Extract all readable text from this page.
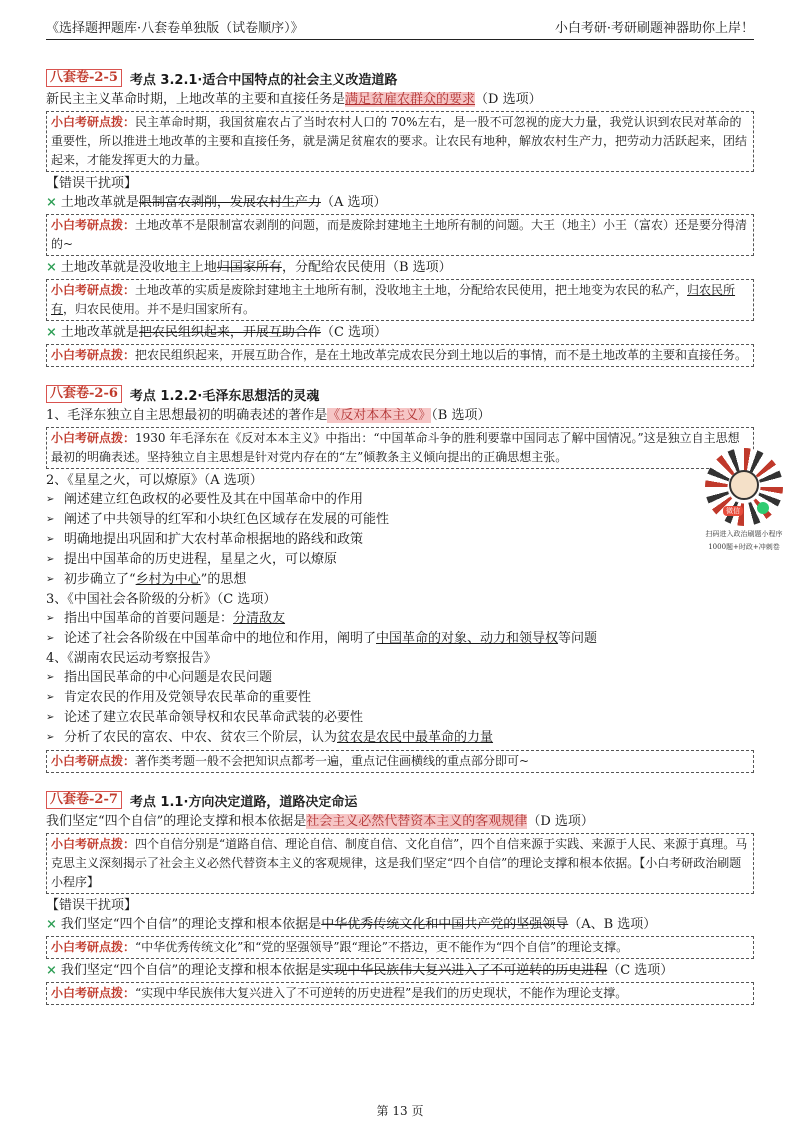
《选择题押题库·八套卷单独版（试卷顺序）》	小白考研·考研刷题神器助你上岸！
八套卷-2-5 考点 3.2.1·适合中国特点的社会主义改造道路
新民主主义革命时期，上地改革的主要和直接任务是满足贫雇农群众的要求（D 选项）
小白考研点拨：民主革命时期，我国贫雇农占了当时农村人口的 70%左右，是一股不可忽视的庞大力量，我党认识到农民对革命的重要性，所以推进土地改革的主要和直接任务，就是满足贫雇农的要求。让农民有地种，解放农村生产力，把劳动力活跃起来，团结起来，才能发挥更大的力量。
【错误干扰项】
× 土地改革就是限制富农剥削，发展农村生产力（A 选项）
小白考研点拨：土地改革不是限制富农剥削的问题，而是废除封建地主土地所有制的问题。大王（地主）小王（富农）还是要分得清的~
× 土地改革就是没收地主上地归国家所有，分配给农民使用（B 选项）
小白考研点拨：土地改革的实质是废除封建地主土地所有制，没收地主土地，分配给农民使用，把土地变为农民的私产，归农民所有，归农民使用。并不是归国家所有。
× 土地改革就是把农民组织起来，开展互助合作（C 选项）
小白考研点拨：把农民组织起来，开展互助合作，是在土地改革完成农民分到土地以后的事情，而不是土地改革的主要和直接任务。
八套卷-2-6 考点 1.2.2·毛泽东思想活的灵魂
1、毛泽东独立自主思想最初的明确表述的著作是《反对本本主义》（B 选项）
小白考研点拨：1930 年毛泽东在《反对本本主义》中指出：“中国革命斗争的胜利要靠中国同志了解中国情况。”这是独立自主思想最初的明确表述。坚持独立自主思想是针对党内存在的“左”倾教条主义倾向提出的正确思想主张。
2、《星星之火，可以燎原》（A 选项）
➢ 阐述建立红色政权的必要性及其在中国革命中的作用
➢ 阐述了中共领导的红军和小块红色区域存在发展的可能性
➢ 明确地提出巩固和扩大农村革命根据地的路线和政策
➢ 提出中国革命的历史进程，星星之火，可以燎原
➢ 初步确立了“ 乡村为中心 ”的思想
3、《中国社会各阶级的分析》（C 选项）
➢ 指出中国革命的首要问题是： 分清敌友
➢ 论述了社会各阶级在中国革命中的地位和作用，阐明了 中国革命的对象、动力和领导权 等问题
4、《湖南农民运动考察报告》
➢ 指出国民革命的中心问题是农民问题
➢ 肯定农民的作用及党领导农民革命的重要性
➢ 论述了建立农民革命领导权和农民革命武装的必要性
➢ 分析了农民的富农、中农、贫农三个阶层，认为 贫农是农民中最革命的力量
小白考研点拨：著作类考题一般不会把知识点都考一遍，重点记住画横线的重点部分即可~
八套卷-2-7 考点 1.1·方向决定道路，道路决定命运
我们坚定“四个自信”的理论支撑和根本依据是社会主义必然代替资本主义的客观规律（D 选项）
小白考研点拨：四个自信分别是“道路自信、理论自信、制度自信、文化自信”，四个自信来源于实践、来源于人民、来源于真理。马克思主义深刻揭示了社会主义必然代替资本主义的客观规律，这是我们坚定“四个自信”的理论支撑和根本依据。【小白考研政治刷题小程序】
【错误干扰项】
× 我们坚定“四个自信”的理论支撑和根本依据是中华优秀传统文化和中国共产党的坚强领导（A、B 选项）
小白考研点拨：“中华优秀传统文化”和“党的坚强领导”跟“理论”不搭边，更不能作为“四个自信”的理论支撑。
× 我们坚定“四个自信”的理论支撑和根本依据是实现中华民族伟大复兴进入了不可逆转的历史进程（C 选项）
小白考研点拨：“实现中华民族伟大复兴进入了不可逆转的历史进程”是我们的历史现状，不能作为理论支撑。
微信
扫码进入政治刷题小程序
1000题+时政+冲刺卷
第 13 页
